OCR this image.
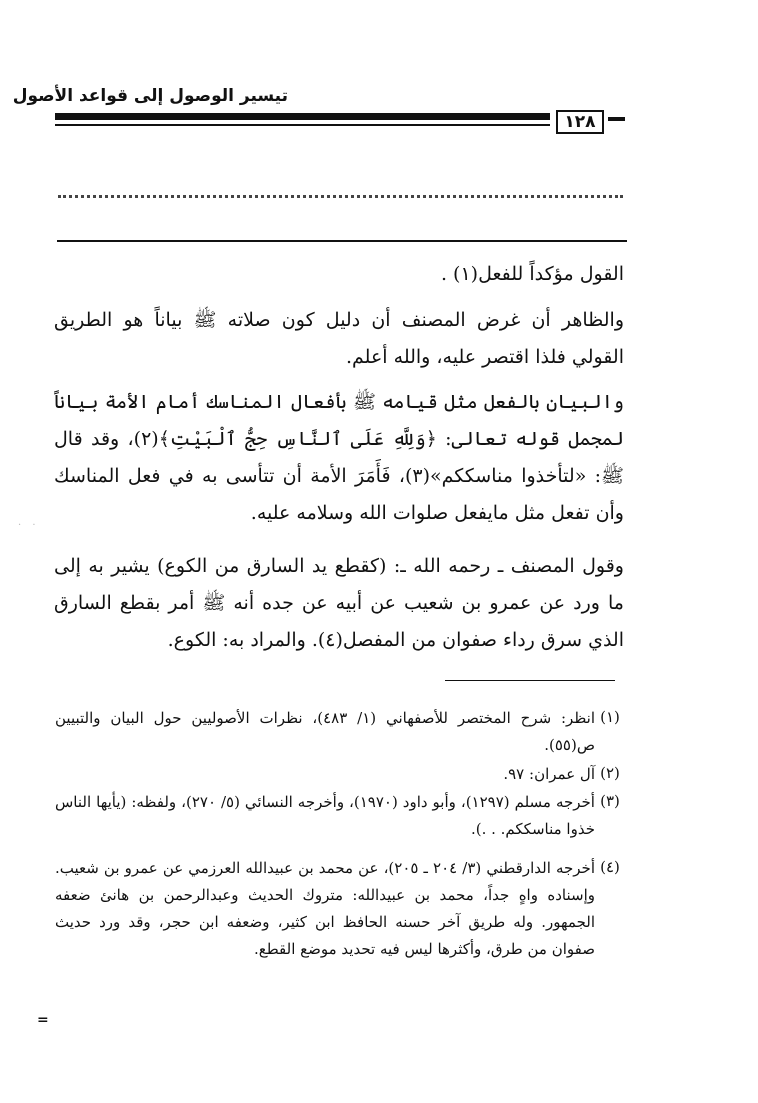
تيسير الوصول إلى قواعد الأصول
١٢٨
القول مؤكداً للفعل(١) .
والظاهر أن غرض المصنف أن دليل كون صلاته ﷺ بياناً هو الطريق القولي فلذا اقتصر عليه، والله أعلم.
والبيان بالفعل مثل قيامه ﷺ بأفعال المناسك أمام الأمة بياناً لمجمل قوله تعالى: ﴿وَلِلَّهِ عَلَى ٱلنَّاسِ حِجُّ ٱلْبَيْتِ﴾(٢)، وقد قال ﷺ: «لتأخذوا مناسككم»(٣)، فَأَمَرَ الأمة أن تتأسى به في فعل المناسك وأن تفعل مثل مايفعل صلوات الله وسلامه عليه.
وقول المصنف ـ رحمه الله ـ: (كقطع يد السارق من الكوع) يشير به إلى ما ورد عن عمرو بن شعيب عن أبيه عن جده أنه ﷺ أمر بقطع السارق الذي سرق رداء صفوان من المفصل(٤). والمراد به: الكوع.
· ·
(١)
انظر: شرح المختصر للأصفهاني (١/ ٤٨٣)، نظرات الأصوليين حول البيان والتبيين ص(٥٥).
(٢)
آل عمران: ٩٧.
(٣)
أخرجه مسلم (١٢٩٧)، وأبو داود (١٩٧٠)، وأخرجه النسائي (٥/ ٢٧٠)، ولفظه: (يأيها الناس خذوا مناسككم. . .).
(٤)
أخرجه الدارقطني (٣/ ٢٠٤ ـ ٢٠٥)، عن محمد بن عبيدالله العرزمي عن عمرو بن شعيب. وإسناده واهٍ جداً، محمد بن عبيدالله: متروك الحديث وعبدالرحمن بن هانئ ضعفه الجمهور. وله طريق آخر حسنه الحافظ ابن كثير، وضعفه ابن حجر، وقد ورد حديث صفوان من طرق، وأكثرها ليس فيه تحديد موضع القطع.
=
